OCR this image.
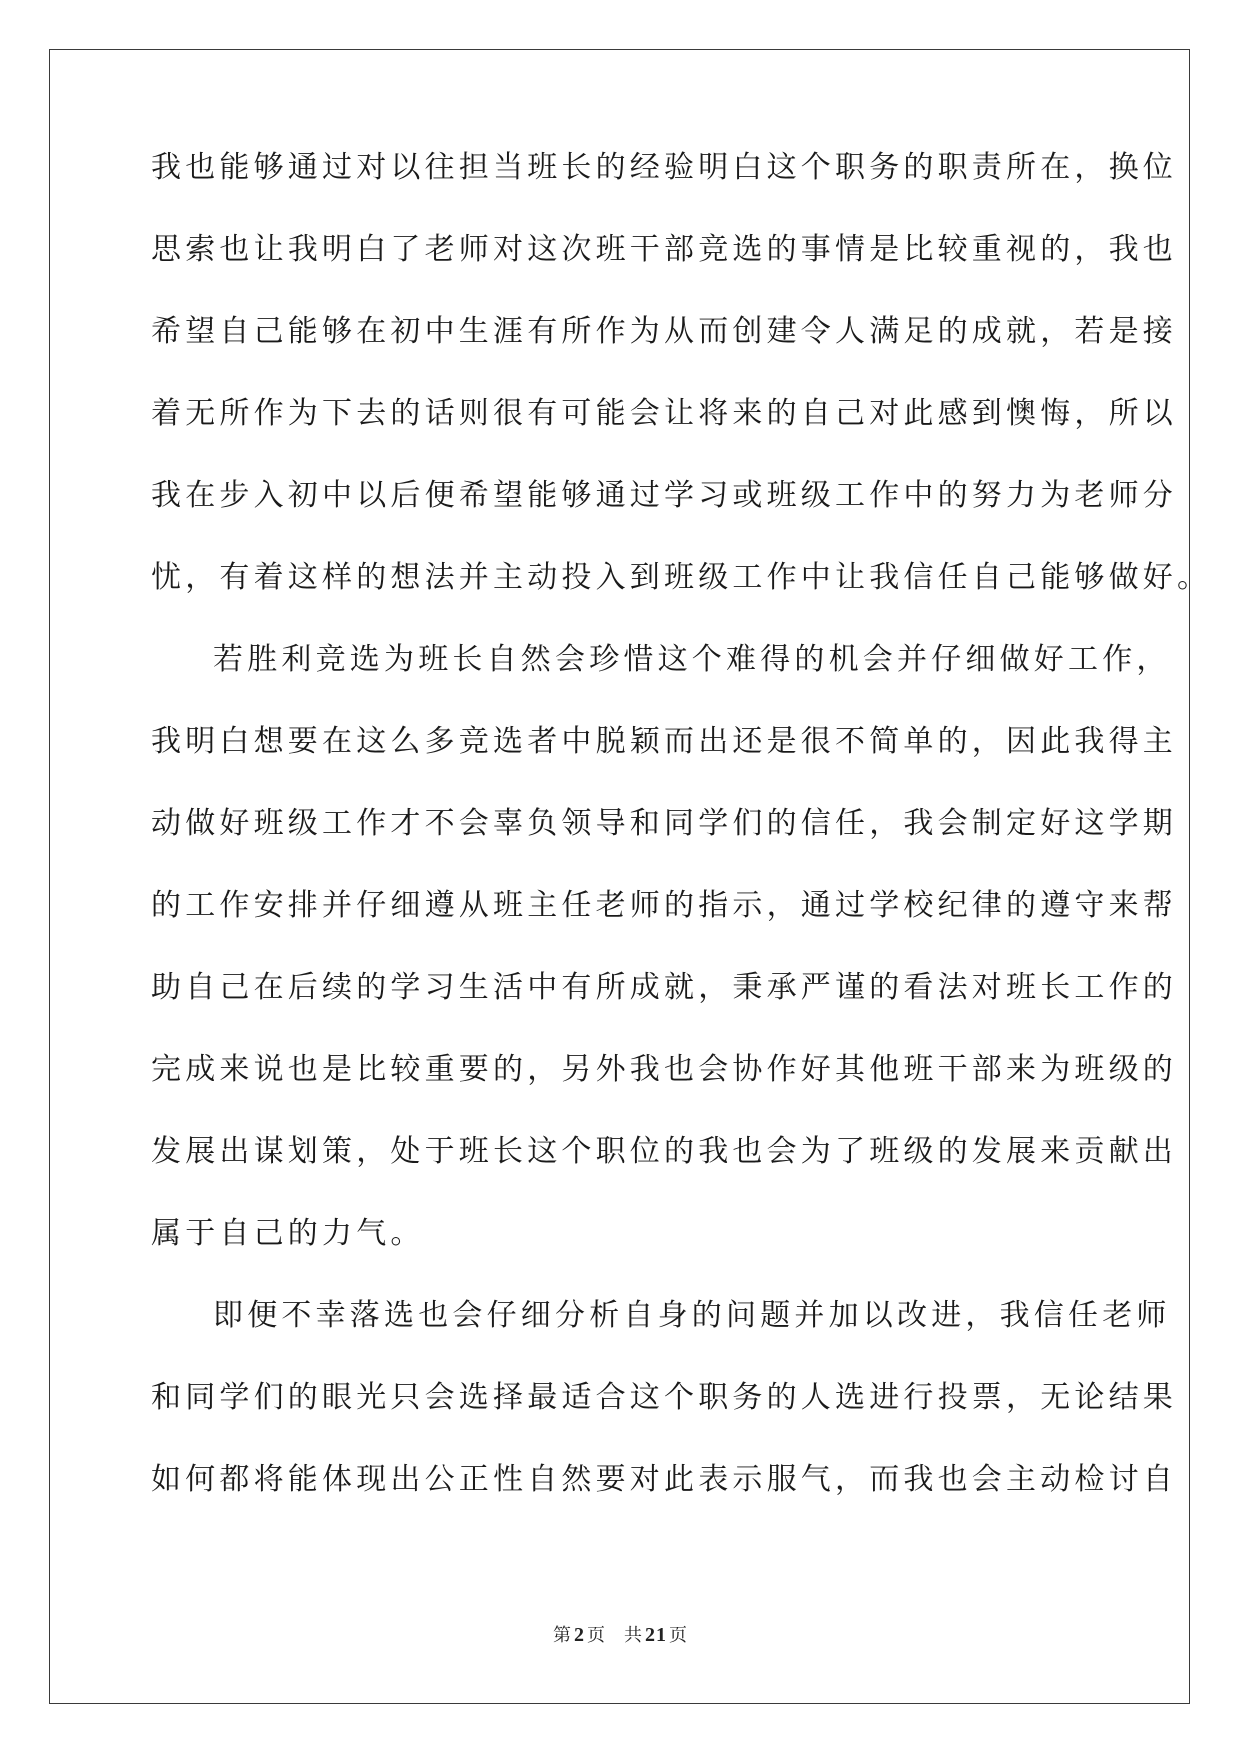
我也能够通过对以往担当班长的经验明白这个职务的职责所在，换位
思索也让我明白了老师对这次班干部竞选的事情是比较重视的，我也
希望自己能够在初中生涯有所作为从而创建令人满足的成就，若是接
着无所作为下去的话则很有可能会让将来的自己对此感到懊悔，所以
我在步入初中以后便希望能够通过学习或班级工作中的努力为老师分
忧，有着这样的想法并主动投入到班级工作中让我信任自己能够做好。
若胜利竞选为班长自然会珍惜这个难得的机会并仔细做好工作，
我明白想要在这么多竞选者中脱颖而出还是很不简单的，因此我得主
动做好班级工作才不会辜负领导和同学们的信任，我会制定好这学期
的工作安排并仔细遵从班主任老师的指示，通过学校纪律的遵守来帮
助自己在后续的学习生活中有所成就，秉承严谨的看法对班长工作的
完成来说也是比较重要的，另外我也会协作好其他班干部来为班级的
发展出谋划策，处于班长这个职位的我也会为了班级的发展来贡献出
属于自己的力气。
即便不幸落选也会仔细分析自身的问题并加以改进，我信任老师
和同学们的眼光只会选择最适合这个职务的人选进行投票，无论结果
如何都将能体现出公正性自然要对此表示服气，而我也会主动检讨自
第 2 页 共 21 页
